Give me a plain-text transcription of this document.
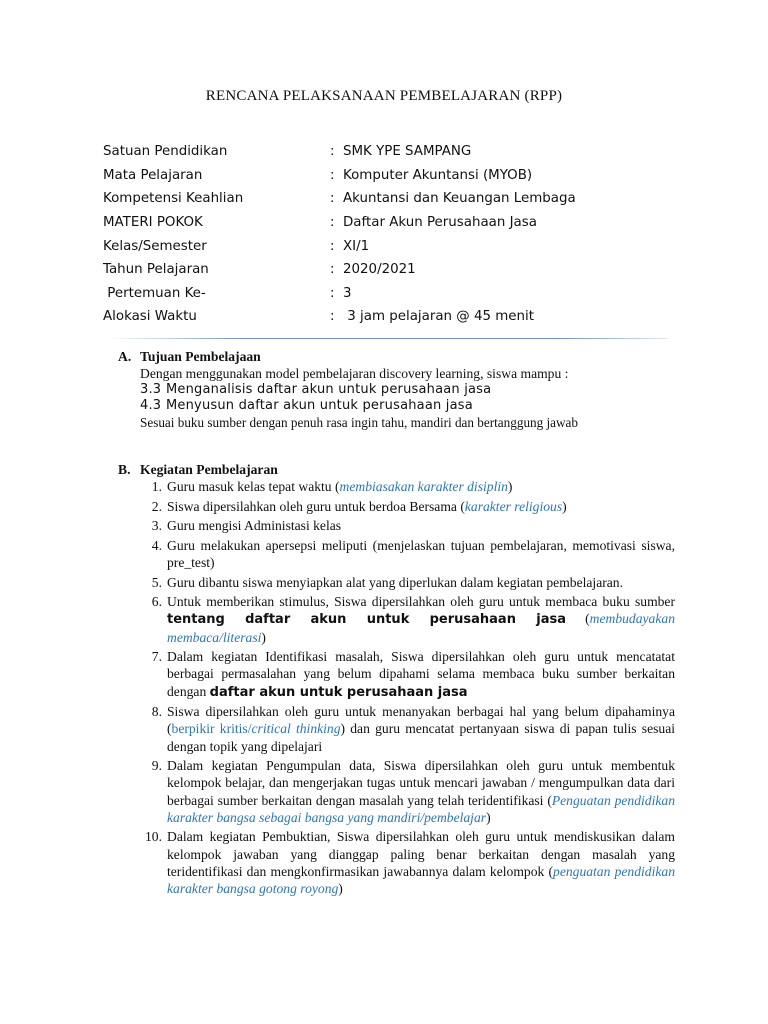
RENCANA PELAKSANAAN PEMBELAJARAN (RPP)
Satuan Pendidikan	: SMK YPE SAMPANG
Mata Pelajaran	: Komputer Akuntansi (MYOB)
Kompetensi Keahlian	: Akuntansi dan Keuangan Lembaga
MATERI POKOK	: Daftar Akun Perusahaan Jasa
Kelas/Semester	: XI/1
Tahun Pelajaran	: 2020/2021
Pertemuan Ke-	: 3
Alokasi Waktu	: 3 jam pelajaran @ 45 menit
A. Tujuan Pembelajaan
Dengan menggunakan model pembelajaran discovery learning, siswa mampu :
3.3 Menganalisis daftar akun untuk perusahaan jasa
4.3 Menyusun daftar akun untuk perusahaan jasa
Sesuai buku sumber dengan penuh rasa ingin tahu, mandiri dan bertanggung jawab
B. Kegiatan Pembelajaran
1. Guru masuk kelas tepat waktu (membiasakan karakter disiplin)
2. Siswa dipersilahkan oleh guru untuk berdoa Bersama (karakter religious)
3. Guru mengisi Administasi kelas
4. Guru melakukan apersepsi meliputi (menjelaskan tujuan pembelajaran, memotivasi siswa, pre_test)
5. Guru dibantu siswa menyiapkan alat yang diperlukan dalam kegiatan pembelajaran.
6. Untuk memberikan stimulus, Siswa dipersilahkan oleh guru untuk membaca buku sumber tentang daftar akun untuk perusahaan jasa (membudayakan membaca/literasi)
7. Dalam kegiatan Identifikasi masalah, Siswa dipersilahkan oleh guru untuk mencatatat berbagai permasalahan yang belum dipahami selama membaca buku sumber berkaitan dengan daftar akun untuk perusahaan jasa
8. Siswa dipersilahkan oleh guru untuk menanyakan berbagai hal yang belum dipahaminya (berpikir kritis/critical thinking) dan guru mencatat pertanyaan siswa di papan tulis sesuai dengan topik yang dipelajari
9. Dalam kegiatan Pengumpulan data, Siswa dipersilahkan oleh guru untuk membentuk kelompok belajar, dan mengerjakan tugas untuk mencari jawaban / mengumpulkan data dari berbagai sumber berkaitan dengan masalah yang telah teridentifikasi (Penguatan pendidikan karakter bangsa sebagai bangsa yang mandiri/pembelajar)
10. Dalam kegiatan Pembuktian, Siswa dipersilahkan oleh guru untuk mendiskusikan dalam kelompok jawaban yang dianggap paling benar berkaitan dengan masalah yang teridentifikasi dan mengkonfirmasikan jawabannya dalam kelompok (penguatan pendidikan karakter bangsa gotong royong)
